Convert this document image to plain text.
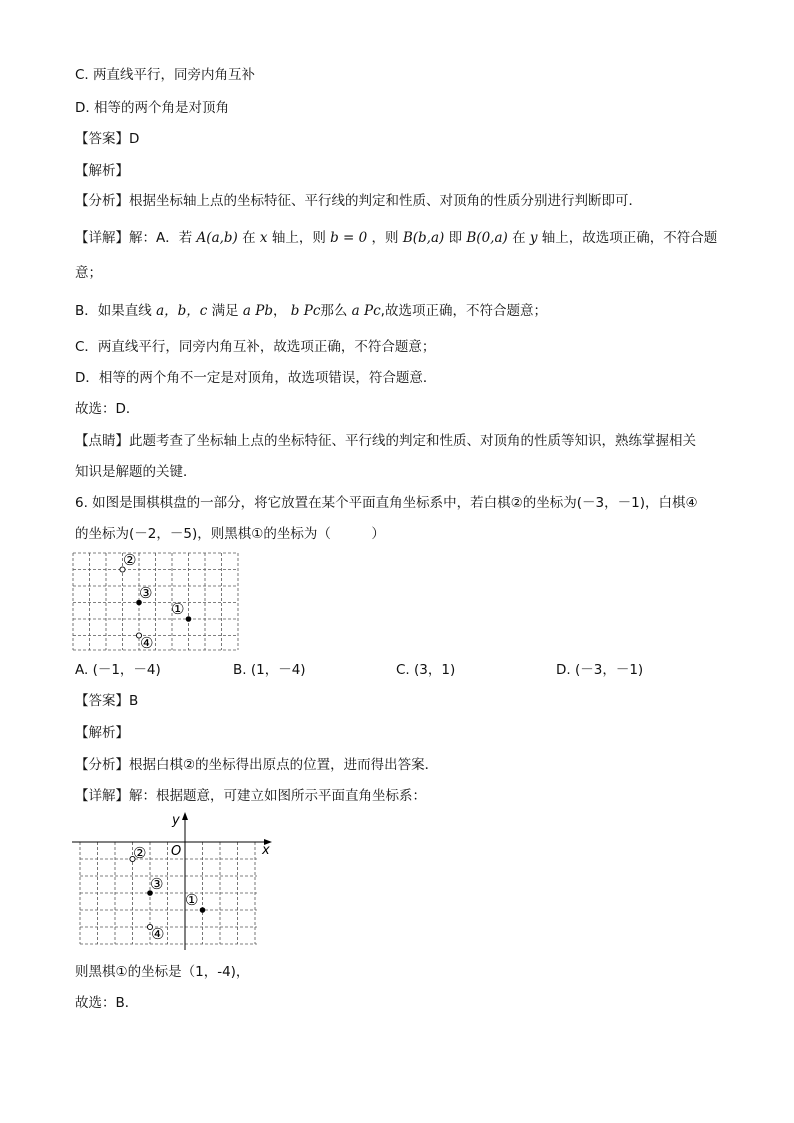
C. 两直线平行，同旁内角互补
D. 相等的两个角是对顶角
【答案】D
【解析】
【分析】根据坐标轴上点的坐标特征、平行线的判定和性质、对顶角的性质分别进行判断即可．
【详解】解：A．若 A(a,b) 在 x 轴上，则 b = 0 ，则 B(b,a) 即 B(0,a) 在 y 轴上，故选项正确，不符合题
意；
B．如果直线 a，b，c 满足 a Pb， b Pc那么 a Pc,故选项正确，不符合题意；
C．两直线平行，同旁内角互补，故选项正确，不符合题意；
D．相等的两个角不一定是对顶角，故选项错误，符合题意．
故选：D．
【点睛】此题考查了坐标轴上点的坐标特征、平行线的判定和性质、对顶角的性质等知识，熟练掌握相关
知识是解题的关键．
6. 如图是围棋棋盘的一部分，将它放置在某个平面直角坐标系中，若白棋②的坐标为(－3，－1)，白棋④
的坐标为(－2，－5)，则黑棋①的坐标为（　　　）
②
③
①
④
A. (－1，－4)	B. (1，－4)	C. (3，1)	D. (－3，－1)
【答案】B
【解析】
【分析】根据白棋②的坐标得出原点的位置，进而得出答案．
【详解】解：根据题意，可建立如图所示平面直角坐标系：
x
y
O
②
③
①
④
则黑棋①的坐标是（1，-4)，
故选：B．
